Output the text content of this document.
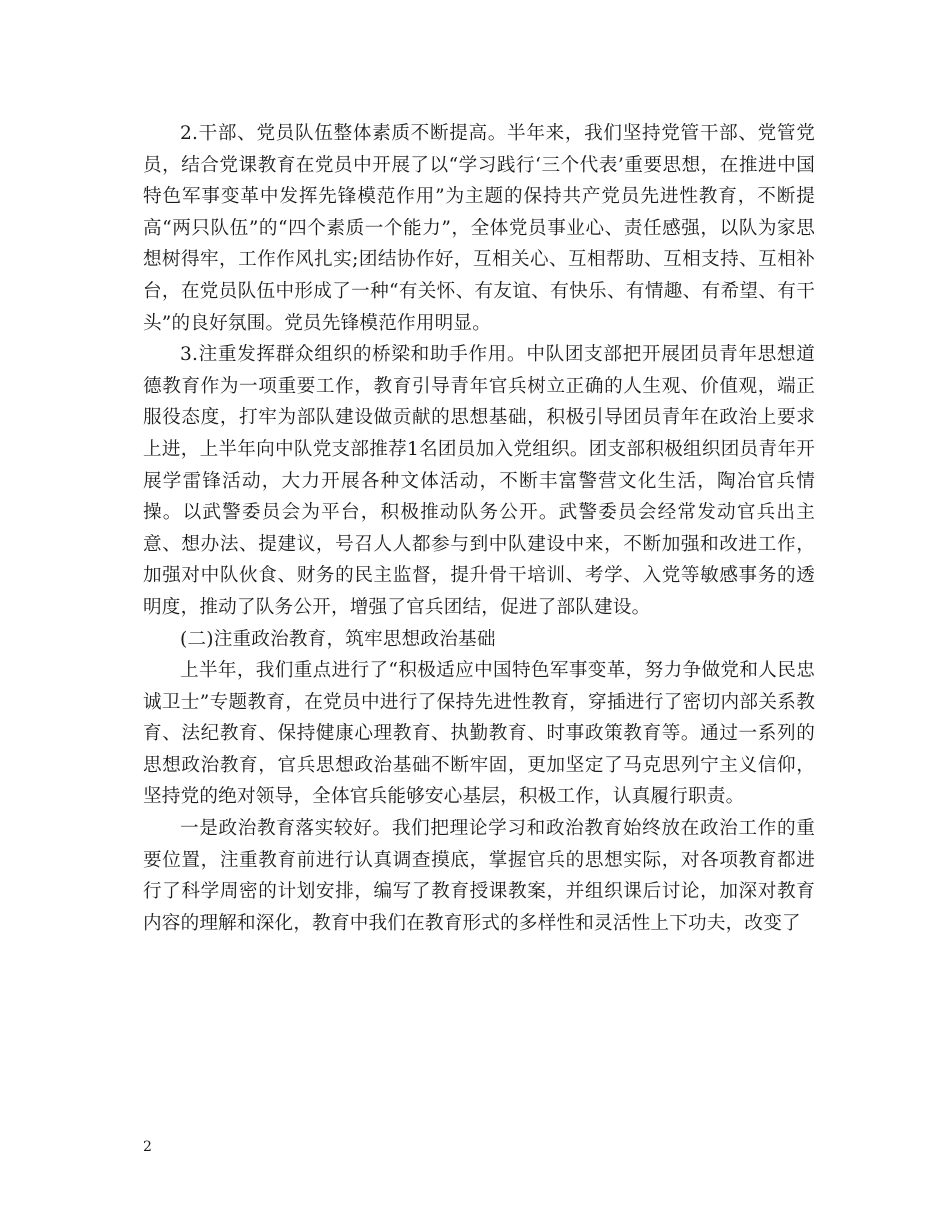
2.干部、党员队伍整体素质不断提高。半年来，我们坚持党管干部、党管党员，结合党课教育在党员中开展了以“学习践行‘三个代表’重要思想，在推进中国特色军事变革中发挥先锋模范作用”为主题的保持共产党员先进性教育，不断提高“两只队伍”的“四个素质一个能力”，全体党员事业心、责任感强，以队为家思想树得牢，工作作风扎实;团结协作好，互相关心、互相帮助、互相支持、互相补台，在党员队伍中形成了一种“有关怀、有友谊、有快乐、有情趣、有希望、有干头”的良好氛围。党员先锋模范作用明显。

3.注重发挥群众组织的桥梁和助手作用。中队团支部把开展团员青年思想道德教育作为一项重要工作，教育引导青年官兵树立正确的人生观、价值观，端正服役态度，打牢为部队建设做贡献的思想基础，积极引导团员青年在政治上要求上进，上半年向中队党支部推荐1名团员加入党组织。团支部积极组织团员青年开展学雷锋活动，大力开展各种文体活动，不断丰富警营文化生活，陶冶官兵情操。以武警委员会为平台，积极推动队务公开。武警委员会经常发动官兵出主意、想办法、提建议，号召人人都参与到中队建设中来，不断加强和改进工作，加强对中队伙食、财务的民主监督，提升骨干培训、考学、入党等敏感事务的透明度，推动了队务公开，增强了官兵团结，促进了部队建设。

(二)注重政治教育，筑牢思想政治基础

上半年，我们重点进行了“积极适应中国特色军事变革，努力争做党和人民忠诚卫士”专题教育，在党员中进行了保持先进性教育，穿插进行了密切内部关系教育、法纪教育、保持健康心理教育、执勤教育、时事政策教育等。通过一系列的思想政治教育，官兵思想政治基础不断牢固，更加坚定了马克思列宁主义信仰，坚持党的绝对领导，全体官兵能够安心基层，积极工作，认真履行职责。

一是政治教育落实较好。我们把理论学习和政治教育始终放在政治工作的重要位置，注重教育前进行认真调查摸底，掌握官兵的思想实际，对各项教育都进行了科学周密的计划安排，编写了教育授课教案，并组织课后讨论，加深对教育内容的理解和深化，教育中我们在教育形式的多样性和灵活性上下功夫，改变了

2
